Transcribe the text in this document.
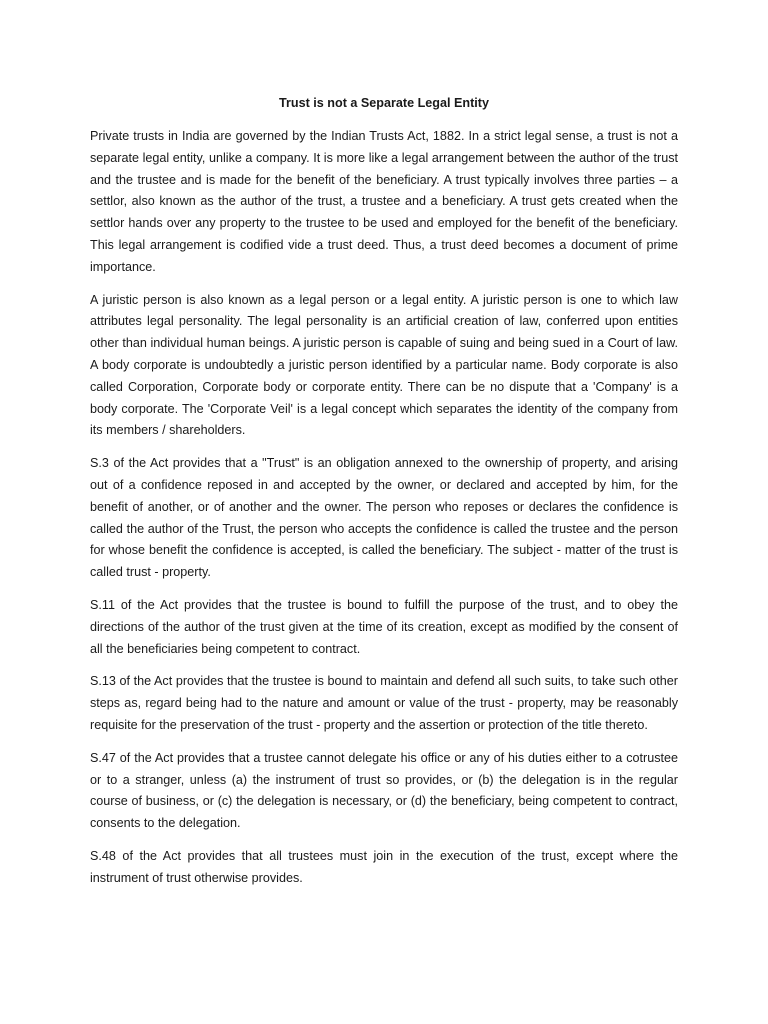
Trust is not a Separate Legal Entity

Private trusts in India are governed by the Indian Trusts Act, 1882. In a strict legal sense, a trust is not a separate legal entity, unlike a company. It is more like a legal arrangement between the author of the trust and the trustee and is made for the benefit of the beneficiary. A trust typically involves three parties – a settlor, also known as the author of the trust, a trustee and a beneficiary. A trust gets created when the settlor hands over any property to the trustee to be used and employed for the benefit of the beneficiary. This legal arrangement is codified vide a trust deed. Thus, a trust deed becomes a document of prime importance.

A juristic person is also known as a legal person or a legal entity. A juristic person is one to which law attributes legal personality. The legal personality is an artificial creation of law, conferred upon entities other than individual human beings. A juristic person is capable of suing and being sued in a Court of law. A body corporate is undoubtedly a juristic person identified by a particular name. Body corporate is also called Corporation, Corporate body or corporate entity. There can be no dispute that a 'Company' is a body corporate. The 'Corporate Veil' is a legal concept which separates the identity of the company from its members / shareholders.

S.3 of the Act provides that a "Trust" is an obligation annexed to the ownership of property, and arising out of a confidence reposed in and accepted by the owner, or declared and accepted by him, for the benefit of another, or of another and the owner. The person who reposes or declares the confidence is called the author of the Trust, the person who accepts the confidence is called the trustee and the person for whose benefit the confidence is accepted, is called the beneficiary. The subject - matter of the trust is called trust - property.

S.11 of the Act provides that the trustee is bound to fulfill the purpose of the trust, and to obey the directions of the author of the trust given at the time of its creation, except as modified by the consent of all the beneficiaries being competent to contract.

S.13 of the Act provides that the trustee is bound to maintain and defend all such suits, to take such other steps as, regard being had to the nature and amount or value of the trust - property, may be reasonably requisite for the preservation of the trust - property and the assertion or protection of the title thereto.

S.47 of the Act provides that a trustee cannot delegate his office or any of his duties either to a cotrustee or to a stranger, unless (a) the instrument of trust so provides, or (b) the delegation is in the regular course of business, or (c) the delegation is necessary, or (d) the beneficiary, being competent to contract, consents to the delegation.

S.48 of the Act provides that all trustees must join in the execution of the trust, except where the instrument of trust otherwise provides.
